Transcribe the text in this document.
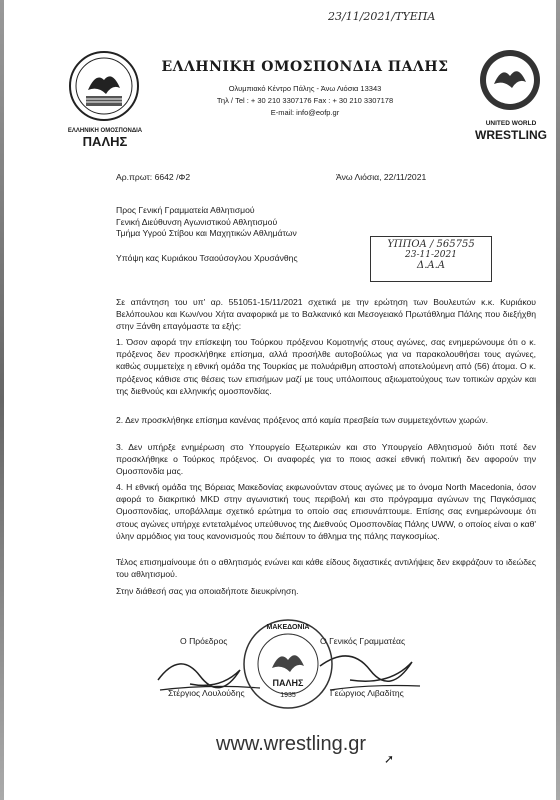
23/11/2021/ΤΥΕΠΑ
ΕΛΛΗΝΙΚΗ ΟΜΟΣΠΟΝΔΙΑ
ΠΑΛΗΣ
ΕΛΛΗΝΙΚΗ ΟΜΟΣΠΟΝΔΙΑ ΠΑΛΗΣ
Ολυμπιακό Κέντρο Πάλης - Άνω Λιόσια 13343
Τηλ / Tel : + 30 210 3307176 Fax : + 30 210 3307178
E-mail: info@eofp.gr
UNITED WORLD
WRESTLING
Αρ.πρωτ: 6642 /Φ2	Άνω Λιόσια, 22/11/2021
Προς Γενική Γραμματεία Αθλητισμού
Γενική Διεύθυνση Αγωνιστικού Αθλητισμού
Τμήμα Υγρού Στίβου και Μαχητικών Αθλημάτων
Υπόψη κας Κυριάκου Τσαούσογλου Χρυσάνθης
ΥΠΠΟΑ / 565755
23-11-2021
Δ.Α.Α
Σε απάντηση του υπ' αρ. 551051-15/11/2021 σχετικά με την ερώτηση των Βουλευτών κ.κ. Κυριάκου Βελόπουλου και Κων/νου Χήτα αναφορικά με το Βαλκανικό και Μεσογειακό Πρωτάθλημα Πάλης που διεξήχθη στην Ξάνθη επαγόμαστε τα εξής:
1. Όσον αφορά την επίσκεψη του Τούρκου πρόξενου Κομοτηνής στους αγώνες, σας ενημερώνουμε ότι ο κ. πρόξενος δεν προσκλήθηκε επίσημα, αλλά προσήλθε αυτοβούλως για να παρακολουθήσει τους αγώνες, καθώς συμμετείχε η εθνική ομάδα της Τουρκίας με πολυάριθμη αποστολή αποτελούμενη από (56) άτομα. Ο κ. πρόξενος κάθισε στις θέσεις των επισήμων μαζί με τους υπόλοιπους αξιωματούχους των τοπικών αρχών και της διεθνούς και ελληνικής ομοσπονδίας.
2. Δεν προσκλήθηκε επίσημα κανένας πρόξενος από καμία πρεσβεία των συμμετεχόντων χωρών.
3. Δεν υπήρξε ενημέρωση στο Υπουργείο Εξωτερικών και στο Υπουργείο Αθλητισμού διότι ποτέ δεν προσκλήθηκε ο Τούρκος πρόξενος. Οι αναφορές για το ποιος ασκεί εθνική πολιτική δεν αφορούν την Ομοσπονδία μας.
4. Η εθνική ομάδα της Βόρειας Μακεδονίας εκφωνούνταν στους αγώνες με το όνομα North Macedonia, όσον αφορά το διακριτικό MKD στην αγωνιστική τους περιβολή και στο πρόγραμμα αγώνων της Παγκόσμιας Ομοσπονδίας, υποβάλλαμε σχετικό ερώτημα το οποίο σας επισυνάπτουμε. Επίσης σας ενημερώνουμε ότι στους αγώνες υπήρχε εντεταλμένος υπεύθυνος της Διεθνούς Ομοσπονδίας Πάλης UWW, ο οποίος είναι ο καθ' ύλην αρμόδιος για τους κανονισμούς που διέπουν το άθλημα της πάλης παγκοσμίως.
Τέλος επισημαίνουμε ότι ο αθλητισμός ενώνει και κάθε είδους διχαστικές αντιλήψεις δεν εκφράζουν το ιδεώδες του αθλητισμού.
Στην διάθεσή σας για οποιαδήποτε διευκρίνηση.
Ο Πρόεδρος	Ο Γενικός Γραμματέας
ΜΑΚΕΔΟΝΙΑ
ΠΑΛΗΣ
1935
Στέργιος Λουλούδης	Γεώργιος Λιβαδίτης
www.wrestling.gr
➚
